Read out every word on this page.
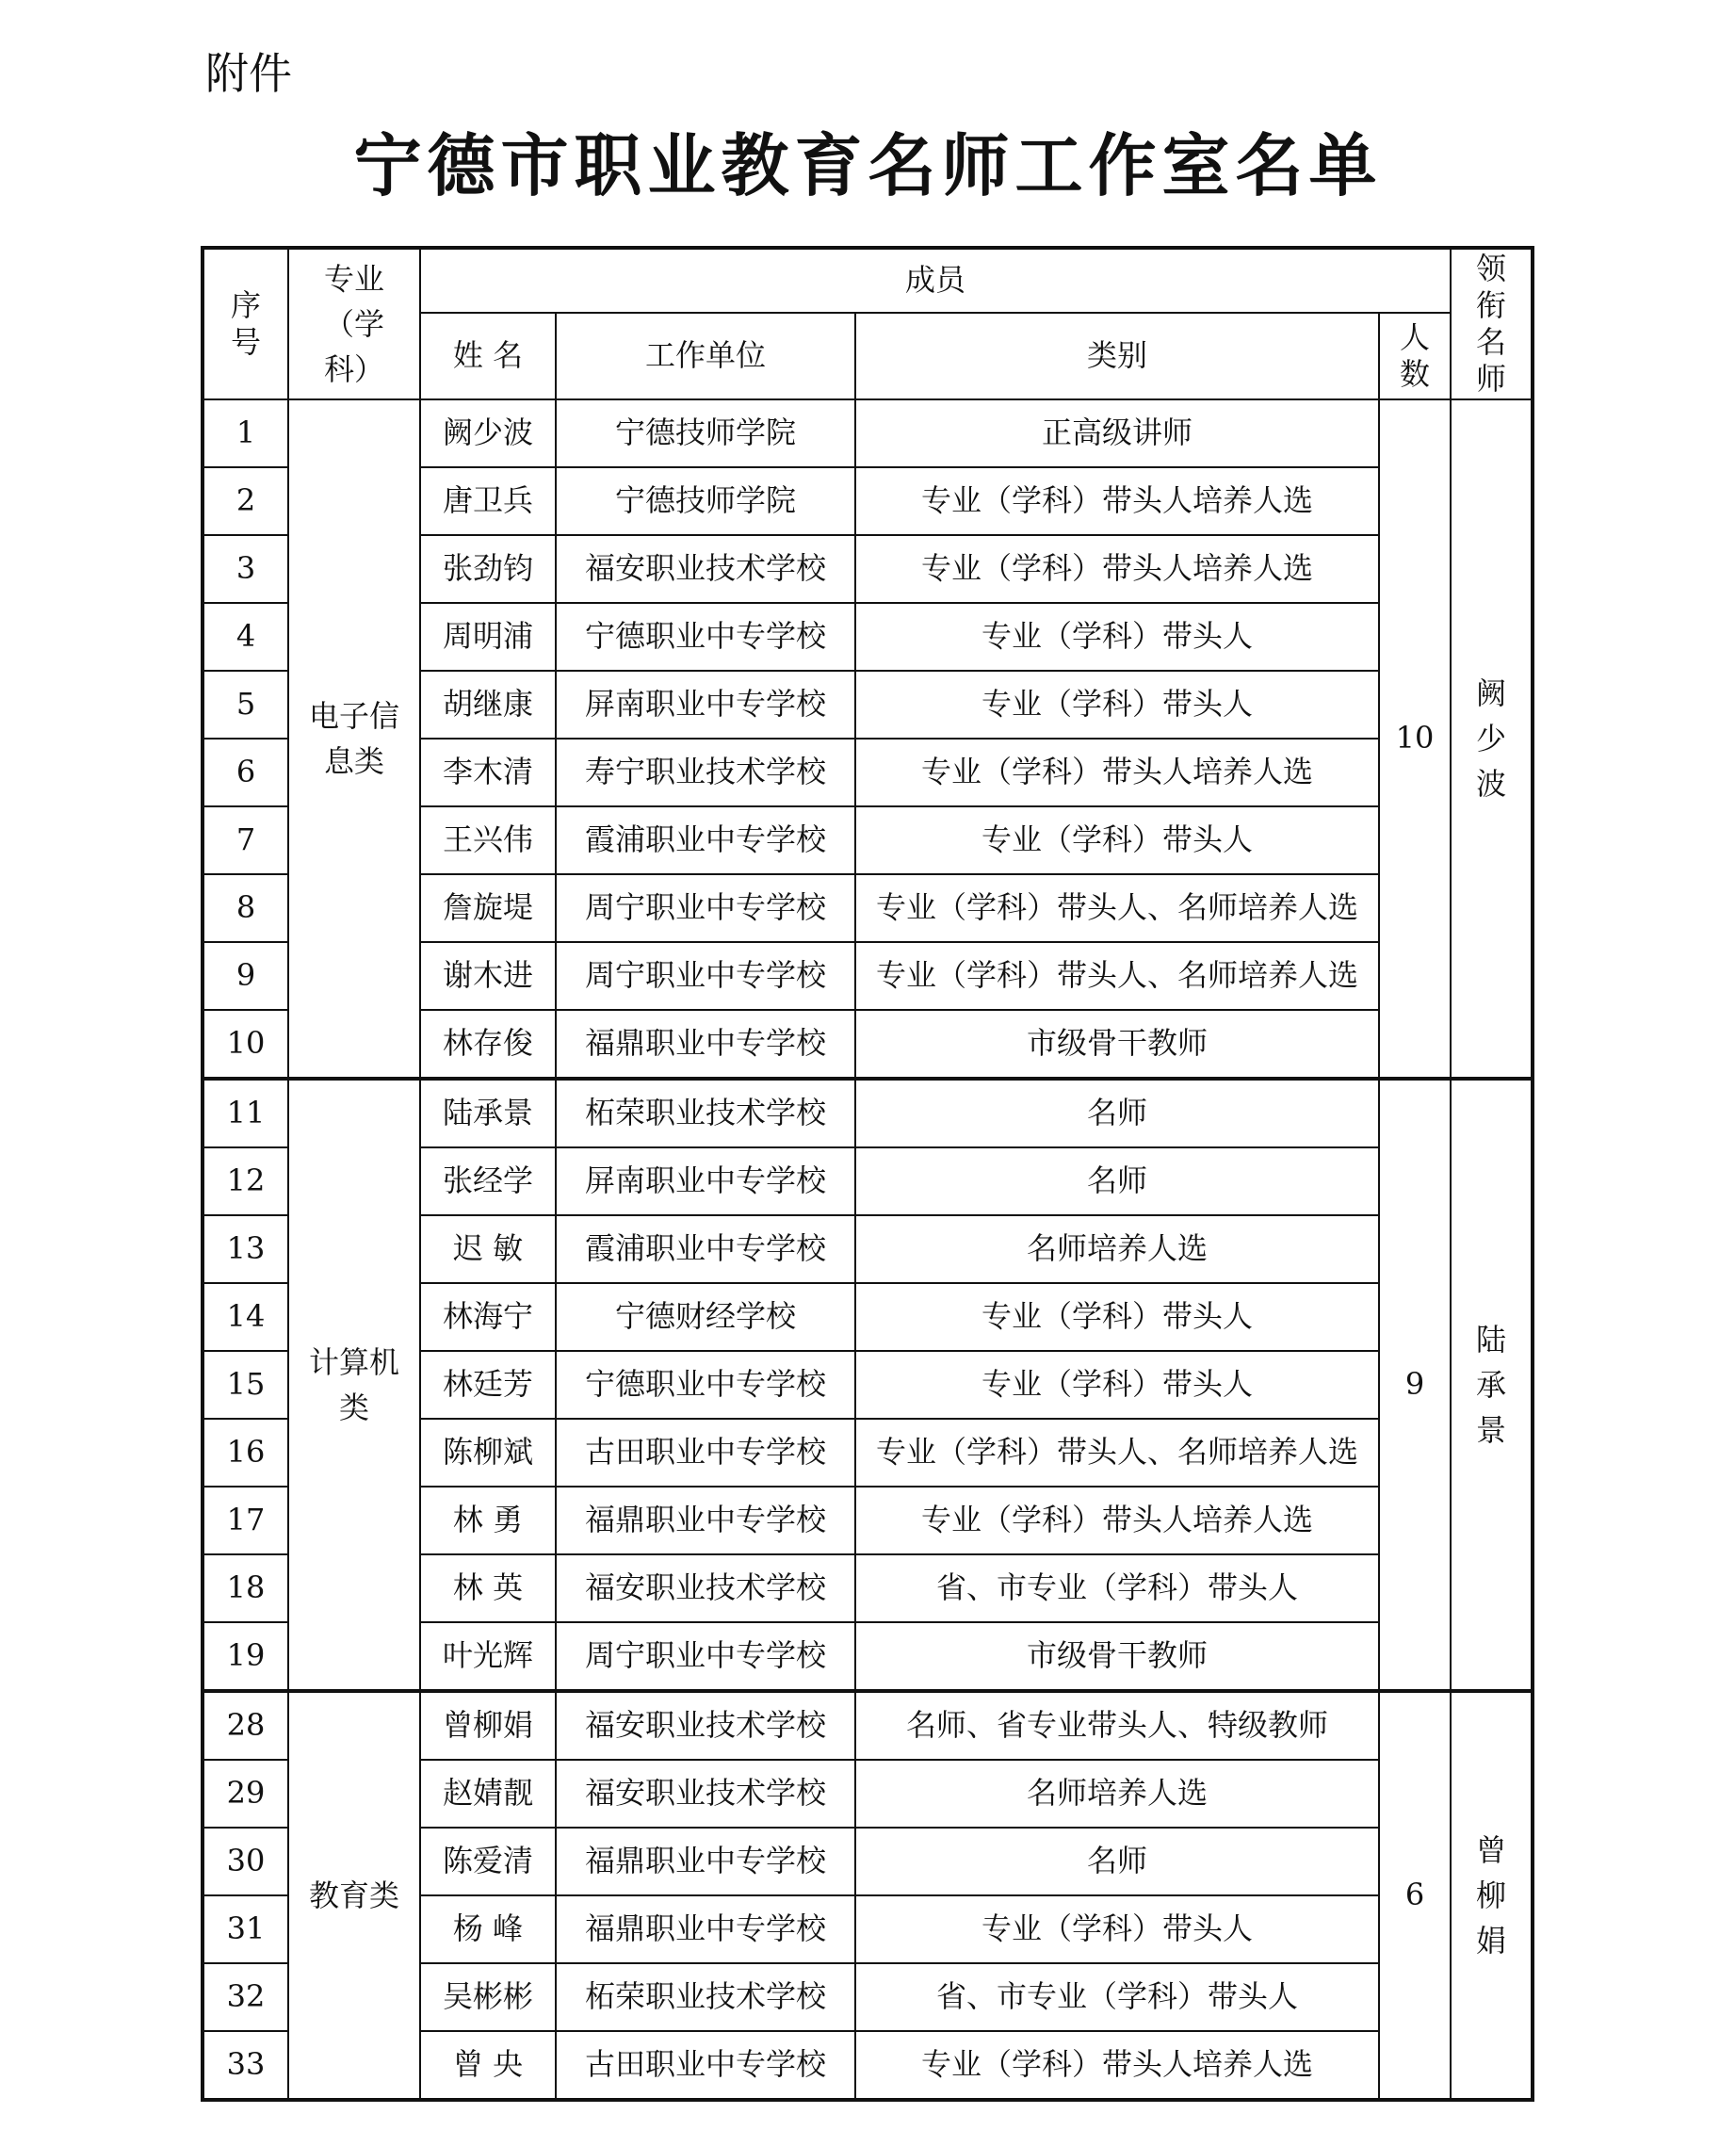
附件
宁德市职业教育名师工作室名单
序号	专业（学科）	成员				领衔名师
		姓 名	工作单位	类别	人数	
1	电子信息类	阙少波	宁德技师学院	正高级讲师	10	阙少波
2		唐卫兵	宁德技师学院	专业（学科）带头人培养人选		
3		张劲钧	福安职业技术学校	专业（学科）带头人培养人选		
4		周明浦	宁德职业中专学校	专业（学科）带头人		
5		胡继康	屏南职业中专学校	专业（学科）带头人		
6		李木清	寿宁职业技术学校	专业（学科）带头人培养人选		
7		王兴伟	霞浦职业中专学校	专业（学科）带头人		
8		詹旋堤	周宁职业中专学校	专业（学科）带头人、名师培养人选		
9		谢木进	周宁职业中专学校	专业（学科）带头人、名师培养人选		
10		林存俊	福鼎职业中专学校	市级骨干教师		
11	计算机类	陆承景	柘荣职业技术学校	名师	9	陆承景
12		张经学	屏南职业中专学校	名师		
13		迟 敏	霞浦职业中专学校	名师培养人选		
14		林海宁	宁德财经学校	专业（学科）带头人		
15		林廷芳	宁德职业中专学校	专业（学科）带头人		
16		陈柳斌	古田职业中专学校	专业（学科）带头人、名师培养人选		
17		林 勇	福鼎职业中专学校	专业（学科）带头人培养人选		
18		林 英	福安职业技术学校	省、市专业（学科）带头人		
19		叶光辉	周宁职业中专学校	市级骨干教师		
28	教育类	曾柳娟	福安职业技术学校	名师、省专业带头人、特级教师	6	曾柳娟
29		赵婧靓	福安职业技术学校	名师培养人选		
30		陈爱清	福鼎职业中专学校	名师		
31		杨 峰	福鼎职业中专学校	专业（学科）带头人		
32		吴彬彬	柘荣职业技术学校	省、市专业（学科）带头人		
33		曾 央	古田职业中专学校	专业（学科）带头人培养人选		
